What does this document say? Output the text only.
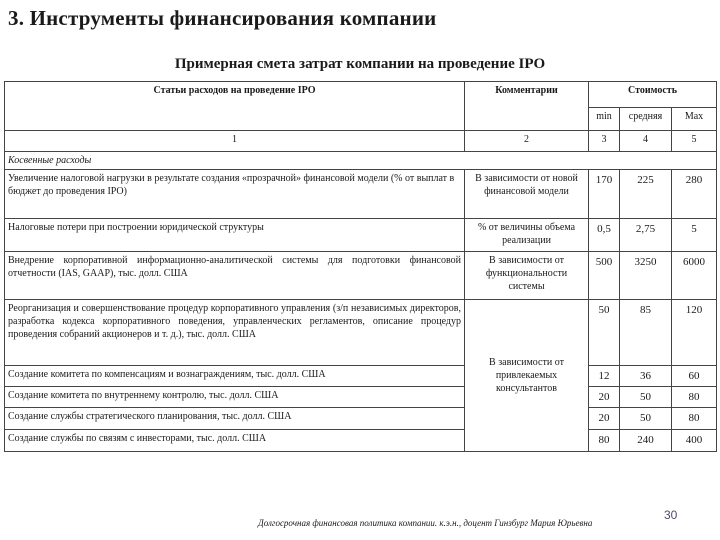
3. Инструменты финансирования компании
Примерная смета затрат компании на проведение IPO
Статьи расходов на проведение IPO	Комментарии	Стоимость		
		min	средняя	Max
1	2	3	4	5
Косвенные расходы				
Увеличение налоговой нагрузки в результате создания «прозрачной» финансовой модели (% от выплат в бюджет до проведения IPO)	В зависимости от новой финансовой модели	170	225	280
Налоговые потери при построении юридической структуры	% от величины объема реализации	0,5	2,75	5
Внедрение корпоративной информационно-аналитической системы для подготовки финансовой отчетности (IAS, GAAP), тыс. долл. США	В зависимости от функциональности системы	500	3250	6000
Реорганизация и совершенствование процедур корпоративного управления (з/п независимых директоров, разработка кодекса корпоративного поведения, управленческих регламентов, описание процедур проведения собраний акционеров и т. д.), тыс. долл. США	В зависимости от привлекаемых консультантов	50	85	120
Создание комитета по компенсациям и вознаграждениям, тыс. долл. США		12	36	60
Создание комитета по внутреннему контролю, тыс. долл. США		20	50	80
Создание службы стратегического планирования, тыс. долл. США		20	50	80
Создание службы по связям с инвесторами, тыс. долл. США		80	240	400
30
Долгосрочная финансовая политика компании. к.э.н., доцент Гинзбург Мария Юрьевна
